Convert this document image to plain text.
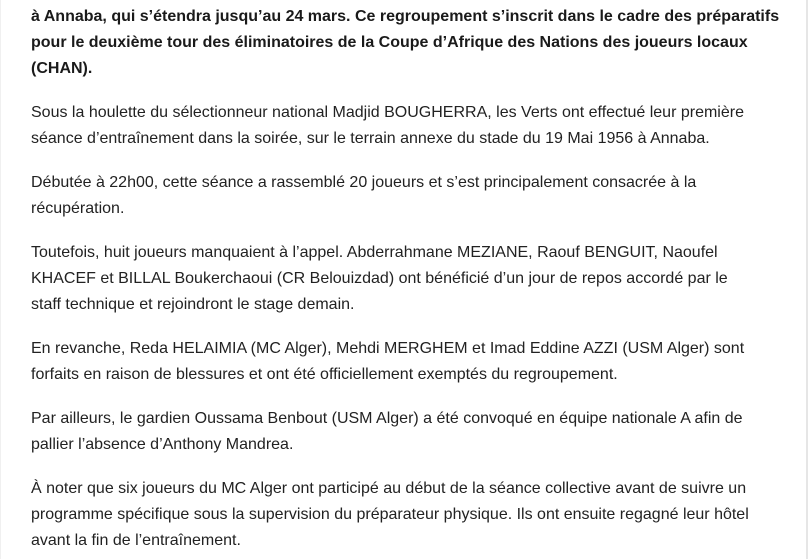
à Annaba, qui s’étendra jusqu’au 24 mars. Ce regroupement s’inscrit dans le cadre des préparatifs
pour le deuxième tour des éliminatoires de la Coupe d’Afrique des Nations des joueurs locaux
(CHAN).

Sous la houlette du sélectionneur national Madjid BOUGHERRA, les Verts ont effectué leur première
séance d’entraînement dans la soirée, sur le terrain annexe du stade du 19 Mai 1956 à Annaba.

Débutée à 22h00, cette séance a rassemblé 20 joueurs et s’est principalement consacrée à la
récupération.

Toutefois, huit joueurs manquaient à l’appel. Abderrahmane MEZIANE, Raouf BENGUIT, Naoufel
KHACEF et BILLAL Boukerchaoui (CR Belouizdad) ont bénéficié d’un jour de repos accordé par le
staff technique et rejoindront le stage demain.

En revanche, Reda HELAIMIA (MC Alger), Mehdi MERGHEM et Imad Eddine AZZI (USM Alger) sont
forfaits en raison de blessures et ont été officiellement exemptés du regroupement.

Par ailleurs, le gardien Oussama Benbout (USM Alger) a été convoqué en équipe nationale A afin de
pallier l’absence d’Anthony Mandrea.

À noter que six joueurs du MC Alger ont participé au début de la séance collective avant de suivre un
programme spécifique sous la supervision du préparateur physique. Ils ont ensuite regagné leur hôtel
avant la fin de l’entraînement.
